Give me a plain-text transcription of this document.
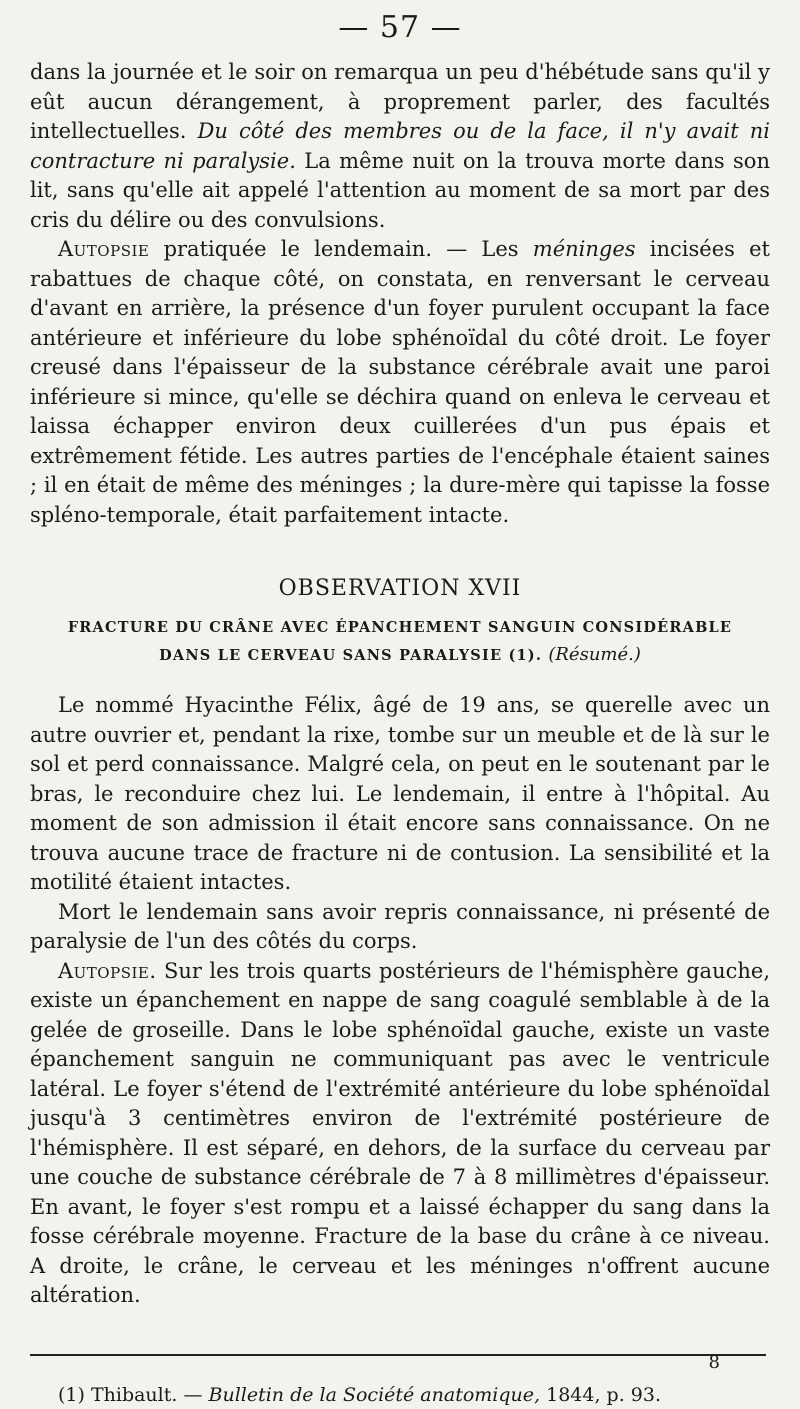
— 57 —

dans la journée et le soir on remarqua un peu d'hébétude sans qu'il y eût aucun dérangement, à proprement parler, des facultés intellectuelles. Du côté des membres ou de la face, il n'y avait ni contracture ni paralysie. La même nuit on la trouva morte dans son lit, sans qu'elle ait appelé l'attention au moment de sa mort par des cris du délire ou des convulsions.

Autopsie pratiquée le lendemain. — Les méninges incisées et rabattues de chaque côté, on constata, en renversant le cerveau d'avant en arrière, la présence d'un foyer purulent occupant la face antérieure et inférieure du lobe sphénoïdal du côté droit. Le foyer creusé dans l'épaisseur de la substance cérébrale avait une paroi inférieure si mince, qu'elle se déchira quand on enleva le cerveau et laissa échapper environ deux cuillerées d'un pus épais et extrêmement fétide. Les autres parties de l'encéphale étaient saines ; il en était de même des méninges ; la dure-mère qui tapisse la fosse spléno-temporale, était parfaitement intacte.

OBSERVATION XVII
FRACTURE DU CRÂNE AVEC ÉPANCHEMENT SANGUIN CONSIDÉRABLE
DANS LE CERVEAU SANS PARALYSIE (1). (Résumé.)

Le nommé Hyacinthe Félix, âgé de 19 ans, se querelle avec un autre ouvrier et, pendant la rixe, tombe sur un meuble et de là sur le sol et perd connaissance. Malgré cela, on peut en le soutenant par le bras, le reconduire chez lui. Le lendemain, il entre à l'hôpital. Au moment de son admission il était encore sans connaissance. On ne trouva aucune trace de fracture ni de contusion. La sensibilité et la motilité étaient intactes.

Mort le lendemain sans avoir repris connaissance, ni présenté de paralysie de l'un des côtés du corps.

Autopsie. Sur les trois quarts postérieurs de l'hémisphère gauche, existe un épanchement en nappe de sang coagulé semblable à de la gelée de groseille. Dans le lobe sphénoïdal gauche, existe un vaste épanchement sanguin ne communiquant pas avec le ventricule latéral. Le foyer s'étend de l'extrémité antérieure du lobe sphénoïdal jusqu'à 3 centimètres environ de l'extrémité postérieure de l'hémisphère. Il est séparé, en dehors, de la surface du cerveau par une couche de substance cérébrale de 7 à 8 millimètres d'épaisseur. En avant, le foyer s'est rompu et a laissé échapper du sang dans la fosse cérébrale moyenne. Fracture de la base du crâne à ce niveau. A droite, le crâne, le cerveau et les méninges n'offrent aucune altération.

(1) Thibault. — Bulletin de la Société anatomique, 1844, p. 93.
8
